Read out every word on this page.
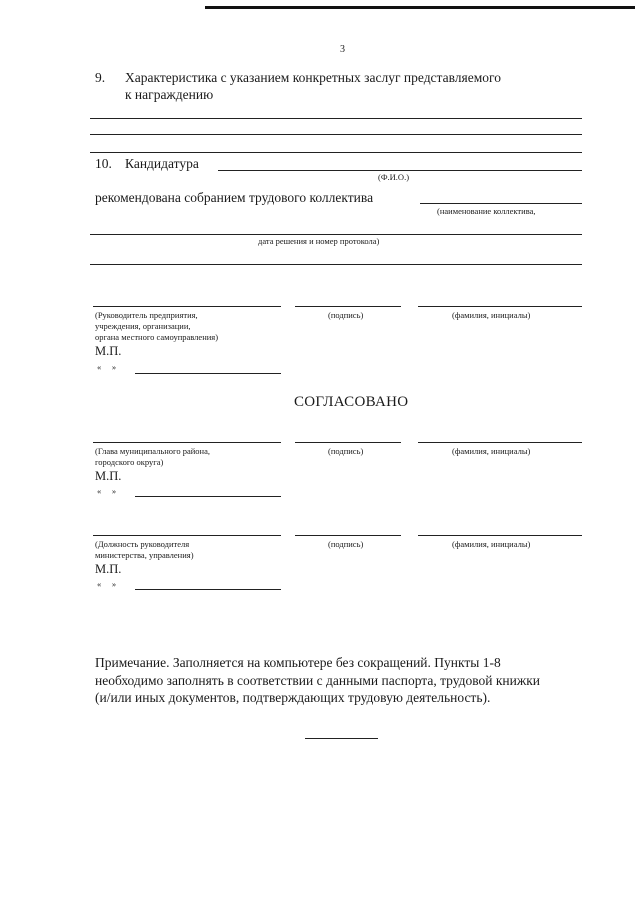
3
9. Характеристика с указанием конкретных заслуг представляемого
к награждению
10. Кандидатура
(Ф.И.О.)
рекомендована собранием трудового коллектива
(наименование коллектива,
дата решения и номер протокола)
(Руководитель предприятия,
учреждения, организации,
органа местного самоуправления)
(подпись)	(фамилия, инициалы)
М.П.
«     »
СОГЛАСОВАНО
(Глава муниципального района,
городского округа)
(подпись)	(фамилия, инициалы)
М.П.
«     »
(Должность руководителя
министерства, управления)
(подпись)	(фамилия, инициалы)
М.П.
«     »
Примечание. Заполняется на компьютере без сокращений. Пункты 1-8
необходимо заполнять в соответствии с данными паспорта, трудовой книжки
(и/или иных документов, подтверждающих трудовую деятельность).
